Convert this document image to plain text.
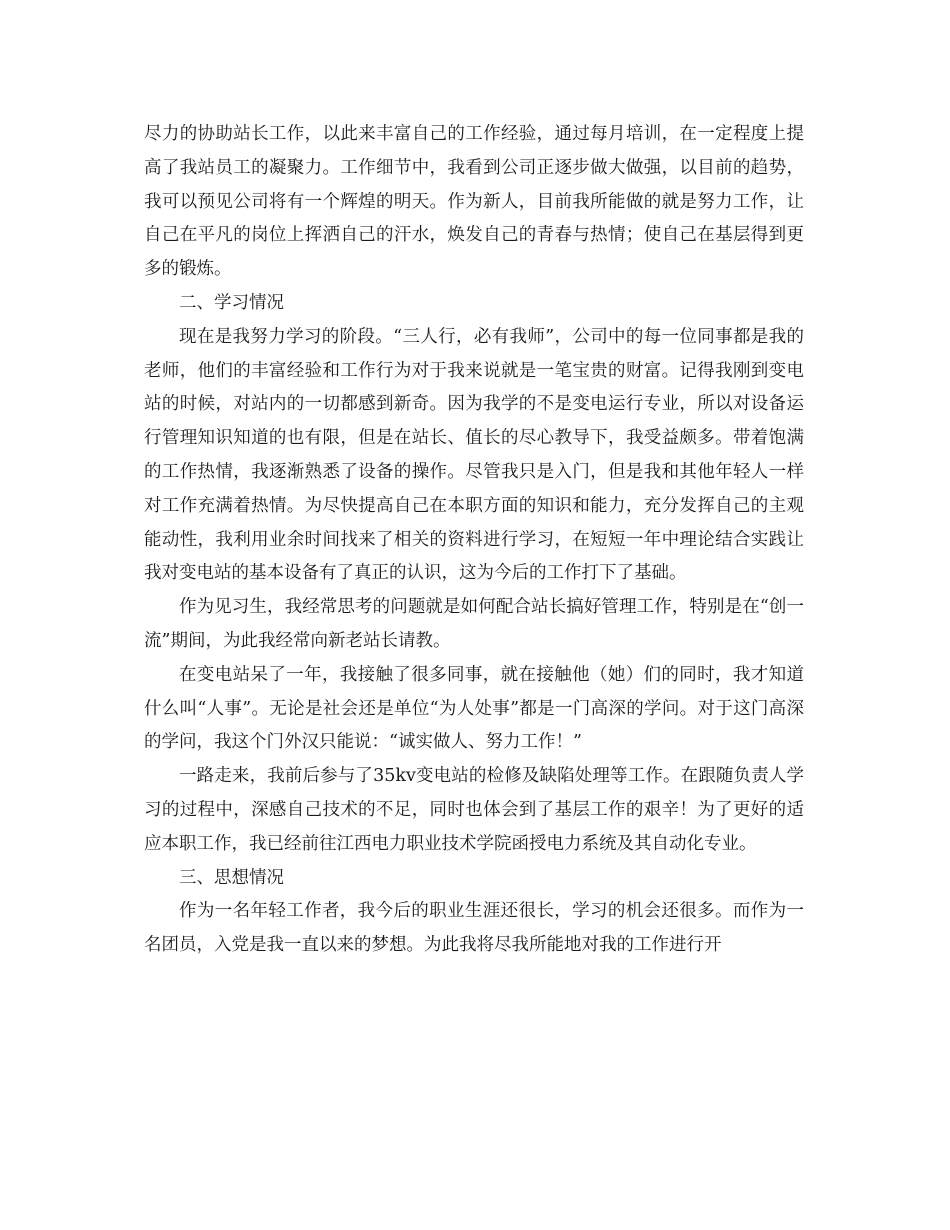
尽力的协助站长工作，以此来丰富自己的工作经验，通过每月培训，在一定程度上提高了我站员工的凝聚力。工作细节中，我看到公司正逐步做大做强，以目前的趋势，我可以预见公司将有一个辉煌的明天。作为新人，目前我所能做的就是努力工作，让自己在平凡的岗位上挥洒自己的汗水，焕发自己的青春与热情；使自己在基层得到更多的锻炼。

二、学习情况

现在是我努力学习的阶段。“三人行，必有我师”，公司中的每一位同事都是我的老师，他们的丰富经验和工作行为对于我来说就是一笔宝贵的财富。记得我刚到变电站的时候，对站内的一切都感到新奇。因为我学的不是变电运行专业，所以对设备运行管理知识知道的也有限，但是在站长、值长的尽心教导下，我受益颇多。带着饱满的工作热情，我逐渐熟悉了设备的操作。尽管我只是入门，但是我和其他年轻人一样对工作充满着热情。为尽快提高自己在本职方面的知识和能力，充分发挥自己的主观能动性，我利用业余时间找来了相关的资料进行学习，在短短一年中理论结合实践让我对变电站的基本设备有了真正的认识，这为今后的工作打下了基础。

作为见习生，我经常思考的问题就是如何配合站长搞好管理工作，特别是在“创一流”期间，为此我经常向新老站长请教。

在变电站呆了一年，我接触了很多同事，就在接触他（她）们的同时，我才知道什么叫“人事”。无论是社会还是单位“为人处事”都是一门高深的学问。对于这门高深的学问，我这个门外汉只能说：“诚实做人、努力工作！”

一路走来，我前后参与了35kv变电站的检修及缺陷处理等工作。在跟随负责人学习的过程中，深感自己技术的不足，同时也体会到了基层工作的艰辛！为了更好的适应本职工作，我已经前往江西电力职业技术学院函授电力系统及其自动化专业。

三、思想情况

作为一名年轻工作者，我今后的职业生涯还很长，学习的机会还很多。而作为一名团员，入党是我一直以来的梦想。为此我将尽我所能地对我的工作进行开
